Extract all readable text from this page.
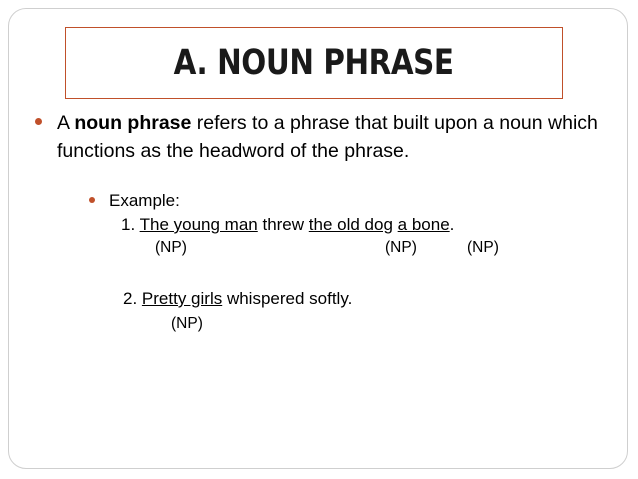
A. NOUN PHRASE
A noun phrase refers to a phrase that built upon a noun which functions as the headword of the phrase.
Example:
1. The young man threw the old dog a bone.
(NP)	(NP)	(NP)
2. Pretty girls whispered softly.
(NP)
